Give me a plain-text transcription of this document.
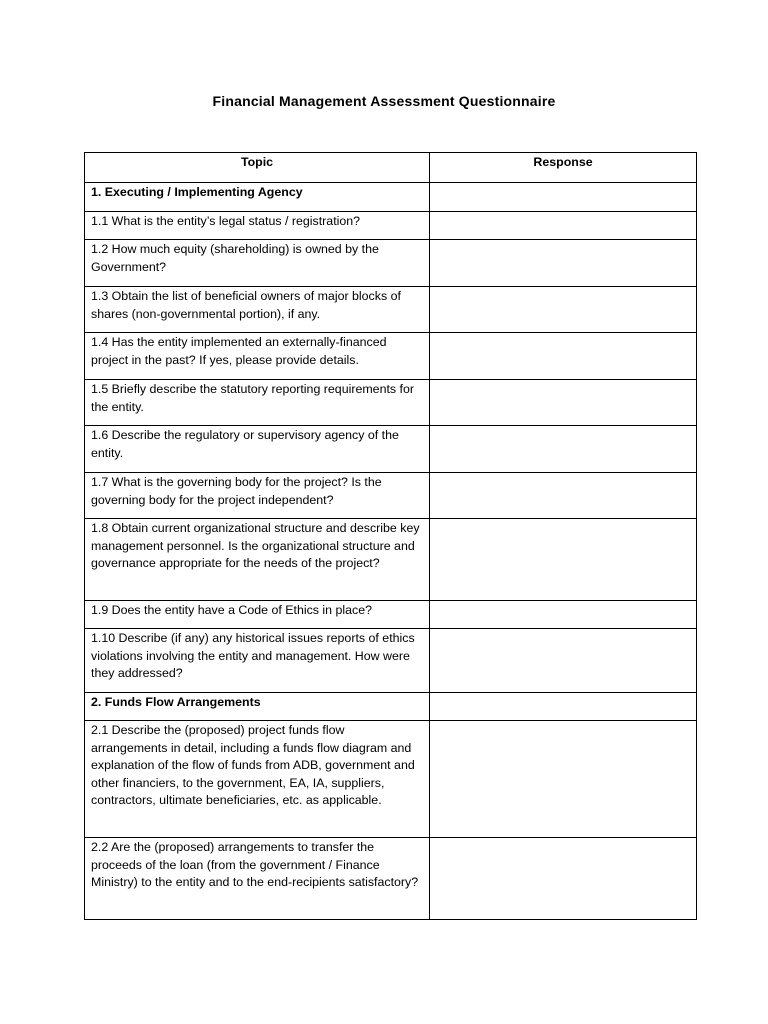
Financial Management Assessment Questionnaire
Topic	Response
1. Executing / Implementing Agency	
1.1 What is the entity’s legal status / registration?	
1.2 How much equity (shareholding) is owned by the Government?	
1.3 Obtain the list of beneficial owners of major blocks of shares (non-governmental portion), if any.	
1.4 Has the entity implemented an externally-financed project in the past? If yes, please provide details.	
1.5 Briefly describe the statutory reporting requirements for the entity.	
1.6 Describe the regulatory or supervisory agency of the entity.	
1.7 What is the governing body for the project? Is the governing body for the project independent?	
1.8 Obtain current organizational structure and describe key management personnel. Is the organizational structure and governance appropriate for the needs of the project?	
1.9 Does the entity have a Code of Ethics in place?	
1.10 Describe (if any) any historical issues reports of ethics violations involving the entity and management. How were they addressed?	
2. Funds Flow Arrangements	
2.1 Describe the (proposed) project funds flow arrangements in detail, including a funds flow diagram and explanation of the flow of funds from ADB, government and other financiers, to the government, EA, IA, suppliers, contractors, ultimate beneficiaries, etc. as applicable.	
2.2 Are the (proposed) arrangements to transfer the proceeds of the loan (from the government / Finance Ministry) to the entity and to the end-recipients satisfactory?	
